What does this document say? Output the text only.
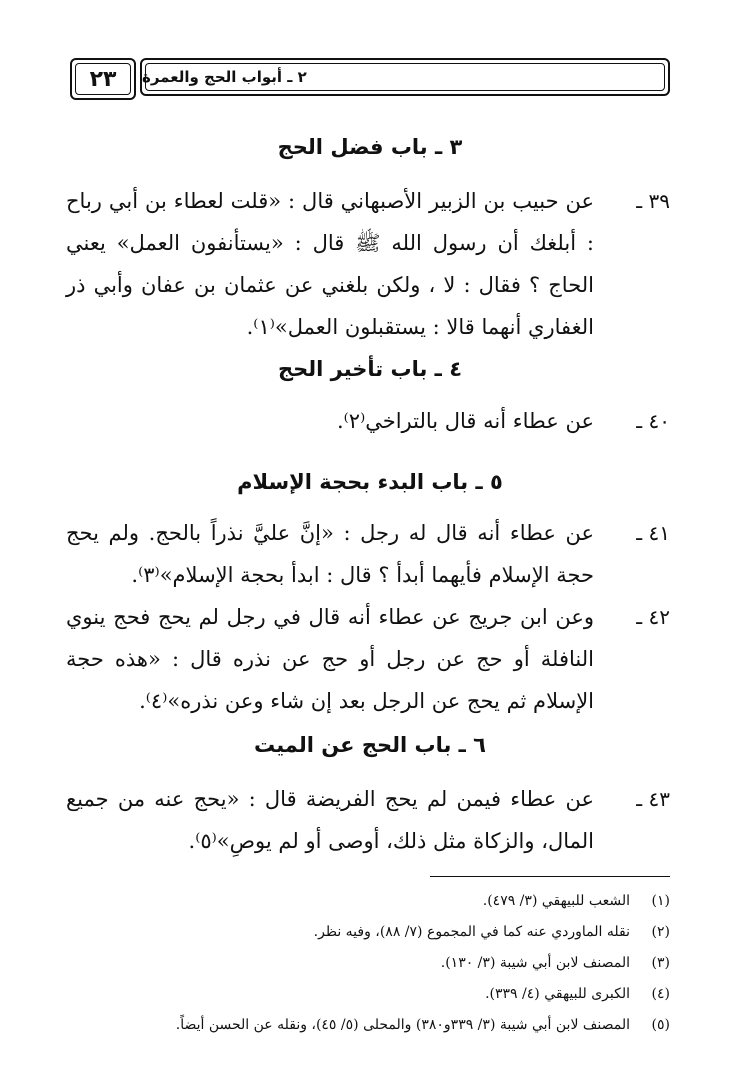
٢٣	٢ ـ أبواب الحج والعمرة
٣ ـ باب فضل الحج
٣٩ ـ
عن حبيب بن الزبير الأصبهاني قال : «قلت لعطاء بن أبي رباح : أبلغك أن رسول الله ﷺ قال : «يستأنفون العمل» يعني الحاج ؟ فقال : لا ، ولكن بلغني عن عثمان بن عفان وأبي ذر الغفاري أنهما قالا : يستقبلون العمل»⁽١⁾.
٤ ـ باب تأخير الحج
٤٠ ـ
عن عطاء أنه قال بالتراخي⁽٢⁾.
٥ ـ باب البدء بحجة الإسلام
٤١ ـ
عن عطاء أنه قال له رجل : «إنَّ عليَّ نذراً بالحج. ولم يحج حجة الإسلام فأيهما أبدأ ؟ قال : ابدأ بحجة الإسلام»⁽٣⁾.
٤٢ ـ
وعن ابن جريج عن عطاء أنه قال في رجل لم يحج فحج ينوي النافلة أو حج عن رجل أو حج عن نذره قال : «هذه حجة الإسلام ثم يحج عن الرجل بعد إن شاء وعن نذره»⁽٤⁾.
٦ ـ باب الحج عن الميت
٤٣ ـ
عن عطاء فيمن لم يحج الفريضة قال : «يحج عنه من جميع المال، والزكاة مثل ذلك، أوصى أو لم يوصِ»⁽٥⁾.
(١)
الشعب للبيهقي (٣/ ٤٧٩).
(٢)
نقله الماوردي عنه كما في المجموع (٧/ ٨٨)، وفيه نظر.
(٣)
المصنف لابن أبي شيبة (٣/ ١٣٠).
(٤)
الكبرى للبيهقي (٤/ ٣٣٩).
(٥)
المصنف لابن أبي شيبة (٣/ ٣٣٩و٣٨٠) والمحلى (٥/ ٤٥)، ونقله عن الحسن أيضاً.
